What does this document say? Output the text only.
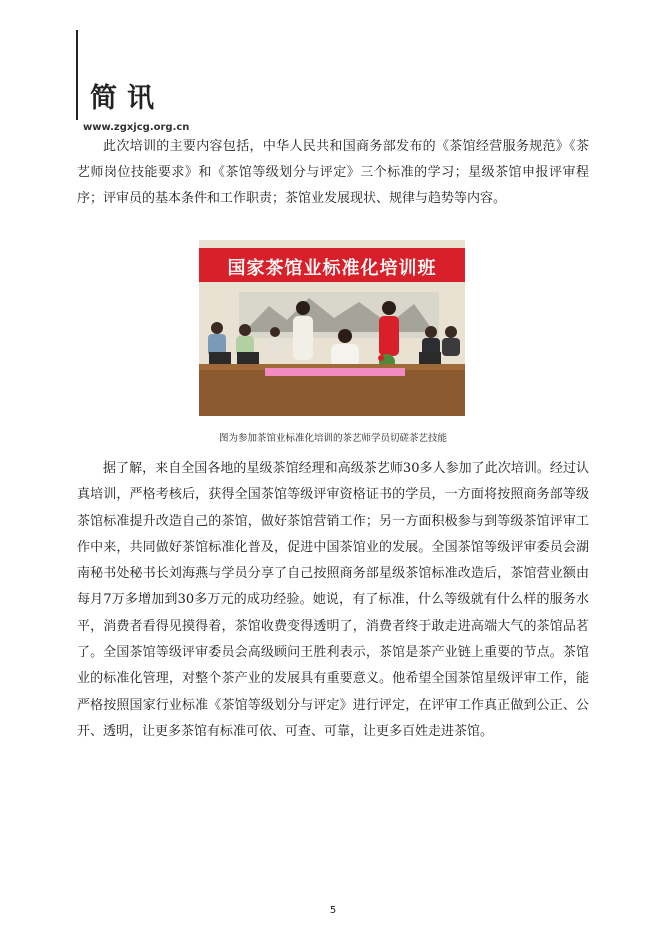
简讯
www.zgxjcg.org.cn

此次培训的主要内容包括，中华人民共和国商务部发布的《茶馆经营服务规范》《茶艺师岗位技能要求》和《茶馆等级划分与评定》三个标准的学习；星级茶馆申报评审程序；评审员的基本条件和工作职责；茶馆业发展现状、规律与趋势等内容。

国家茶馆业标准化培训班
图为参加茶馆业标准化培训的茶艺师学员切磋茶艺技能

据了解，来自全国各地的星级茶馆经理和高级茶艺师30多人参加了此次培训。经过认真培训，严格考核后，获得全国茶馆等级评审资格证书的学员，一方面将按照商务部等级茶馆标准提升改造自己的茶馆，做好茶馆营销工作；另一方面积极参与到等级茶馆评审工作中来，共同做好茶馆标准化普及，促进中国茶馆业的发展。全国茶馆等级评审委员会湖南秘书处秘书长刘海燕与学员分享了自己按照商务部星级茶馆标准改造后，茶馆营业额由每月7万多增加到30多万元的成功经验。她说，有了标准，什么等级就有什么样的服务水平，消费者看得见摸得着，茶馆收费变得透明了，消费者终于敢走进高端大气的茶馆品茗了。全国茶馆等级评审委员会高级顾问王胜利表示，茶馆是茶产业链上重要的节点。茶馆业的标准化管理，对整个茶产业的发展具有重要意义。他希望全国茶馆星级评审工作，能严格按照国家行业标准《茶馆等级划分与评定》进行评定，在评审工作真正做到公正、公开、透明，让更多茶馆有标准可依、可查、可靠，让更多百姓走进茶馆。

5
